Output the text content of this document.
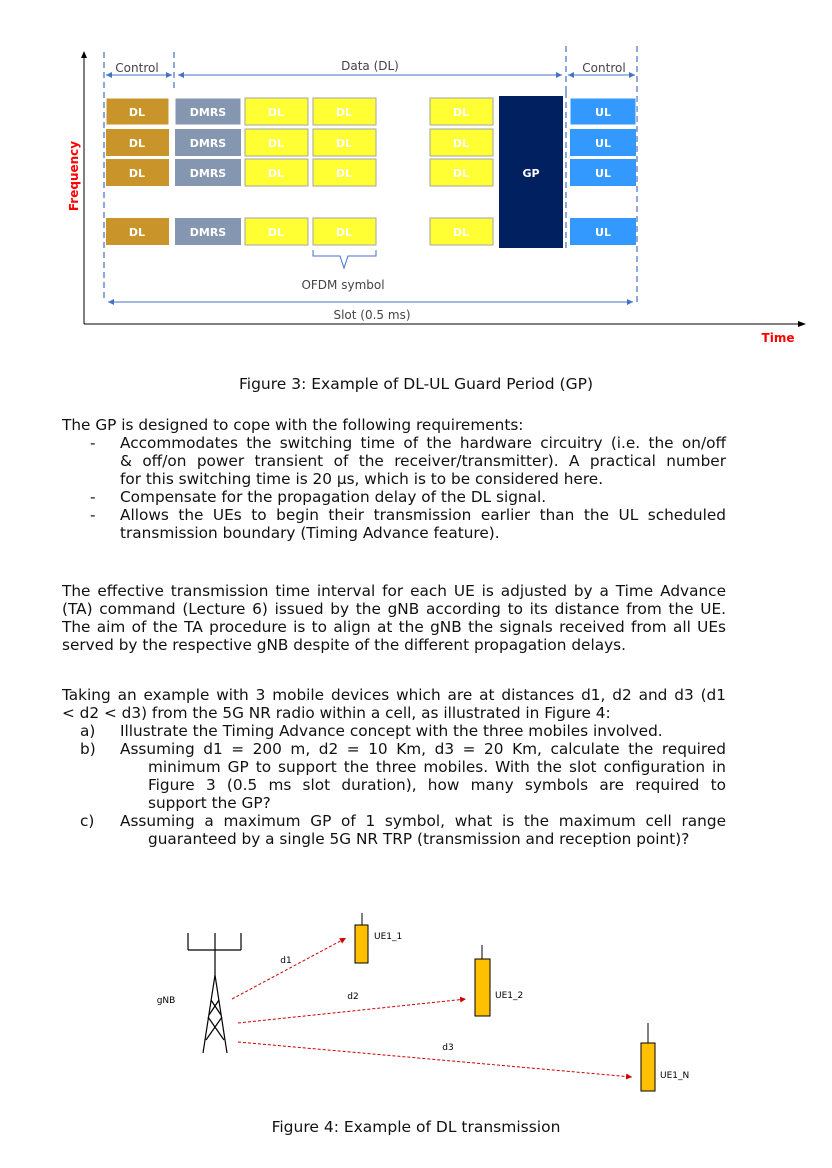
Frequency
Time
Control	Data (DL)	Control
DL	DMRS	DL	DL	DL	UL
DL	DMRS	DL	DL	DL	UL
DL	DMRS	DL	DL	DL	UL
DL	DMRS	DL	DL	DL	UL
GP
OFDM symbol
Slot (0.5 ms)
Figure 3: Example of DL-UL Guard Period (GP)
The GP is designed to cope with the following requirements:
- Accommodates the switching time of the hardware circuitry (i.e. the on/off
& off/on power transient of the receiver/transmitter). A practical number
for this switching time is 20 μs, which is to be considered here.
- Compensate for the propagation delay of the DL signal.
- Allows the UEs to begin their transmission earlier than the UL scheduled
transmission boundary (Timing Advance feature).
The effective transmission time interval for each UE is adjusted by a Time Advance
(TA) command (Lecture 6) issued by the gNB according to its distance from the UE.
The aim of the TA procedure is to align at the gNB the signals received from all UEs
served by the respective gNB despite of the different propagation delays.
Taking an example with 3 mobile devices which are at distances d1, d2 and d3 (d1
< d2 < d3) from the 5G NR radio within a cell, as illustrated in Figure 4:
a) Illustrate the Timing Advance concept with the three mobiles involved.
b) Assuming d1 = 200 m, d2 = 10 Km, d3 = 20 Km, calculate the required
minimum GP to support the three mobiles. With the slot configuration in
Figure 3 (0.5 ms slot duration), how many symbols are required to
support the GP?
c) Assuming a maximum GP of 1 symbol, what is the maximum cell range
guaranteed by a single 5G NR TRP (transmission and reception point)?
gNB
UE1_1
UE1_2
UE1_N
d1
d2
d3
Figure 4: Example of DL transmission
